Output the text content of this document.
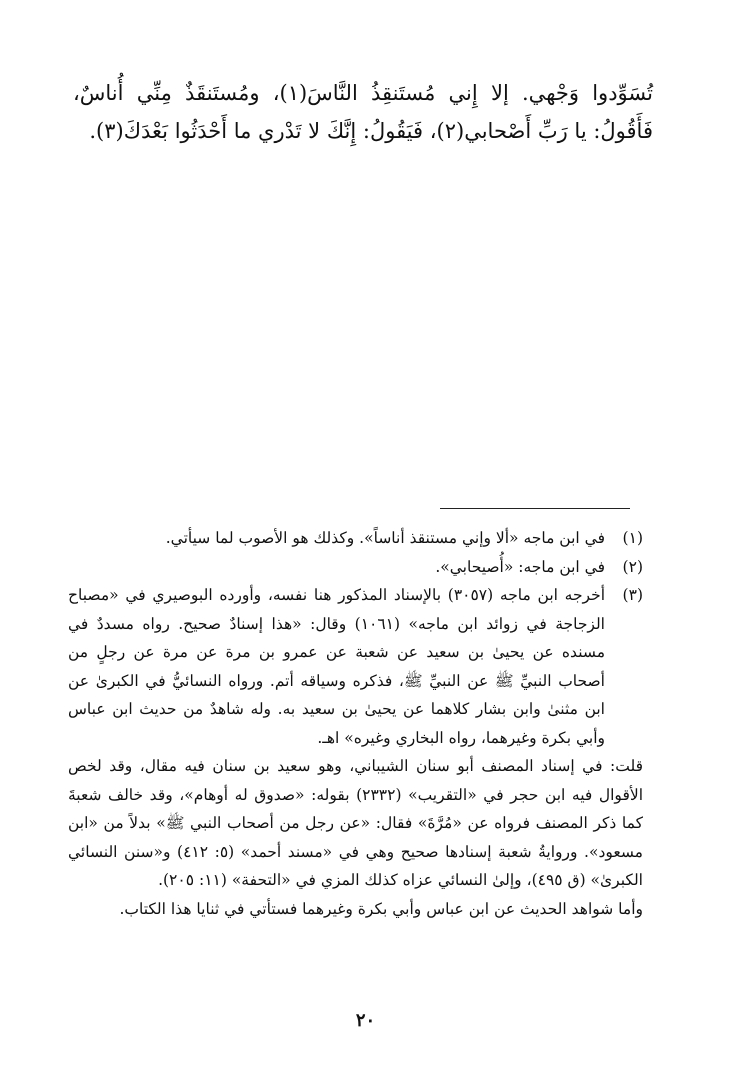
تُسَوِّدوا وَجْهي. إلا إِني مُستَنقِذُ النَّاسَ(١)، ومُستَنقَذٌ مِنِّي أُناسٌ، فَأَقُولُ: يا رَبِّ أَصْحابي(٢)، فَيَقُولُ: إِنَّكَ لا تَدْري ما أَحْدَثُوا بَعْدَكَ(٣).

(١)
في ابن ماجه «ألا وإني مستنقذ أناساً». وكذلك هو الأصوب لما سيأتي.
(٢)
في ابن ماجه: «أُصيحابي».
(٣)
أخرجه ابن ماجه (٣٠٥٧) بالإسناد المذكور هنا نفسه، وأورده البوصيري في «مصباح الزجاجة في زوائد ابن ماجه» (١٠٦١) وقال: «هذا إسنادٌ صحيح. رواه مسددٌ في مسنده عن يحيىٰ بن سعيد عن شعبة عن عمرو بن مرة عن مرة عن رجلٍ من أصحاب النبيِّ ﷺ عن النبيِّ ﷺ، فذكره وسياقه أتم. ورواه النسائيُّ في الكبرىٰ عن ابن مثنىٰ وابن بشار كلاهما عن يحيىٰ بن سعيد به. وله شاهدٌ من حديث ابن عباس وأبي بكرة وغيرهما، رواه البخاري وغيره» اهـ.
قلت: في إسناد المصنف أبو سنان الشيباني، وهو سعيد بن سنان فيه مقال، وقد لخص الأقوال فيه ابن حجر في «التقريب» (٢٣٣٢) بقوله: «صدوق له أوهام»، وقد خالف شعبةَ كما ذكر المصنف فرواه عن «مُرَّةَ» فقال: «عن رجل من أصحاب النبي ﷺ» بدلاً من «ابن مسعود». وروايةُ شعبة إسنادها صحيح وهي في «مسند أحمد» (٥: ٤١٢) و«سنن النسائي الكبرىٰ» (ق ٤٩٥)، وإلىٰ النسائي عزاه كذلك المزي في «التحفة» (١١: ٢٠٥).
وأما شواهد الحديث عن ابن عباس وأبي بكرة وغيرهما فستأتي في ثنايا هذا الكتاب.
٢٠
